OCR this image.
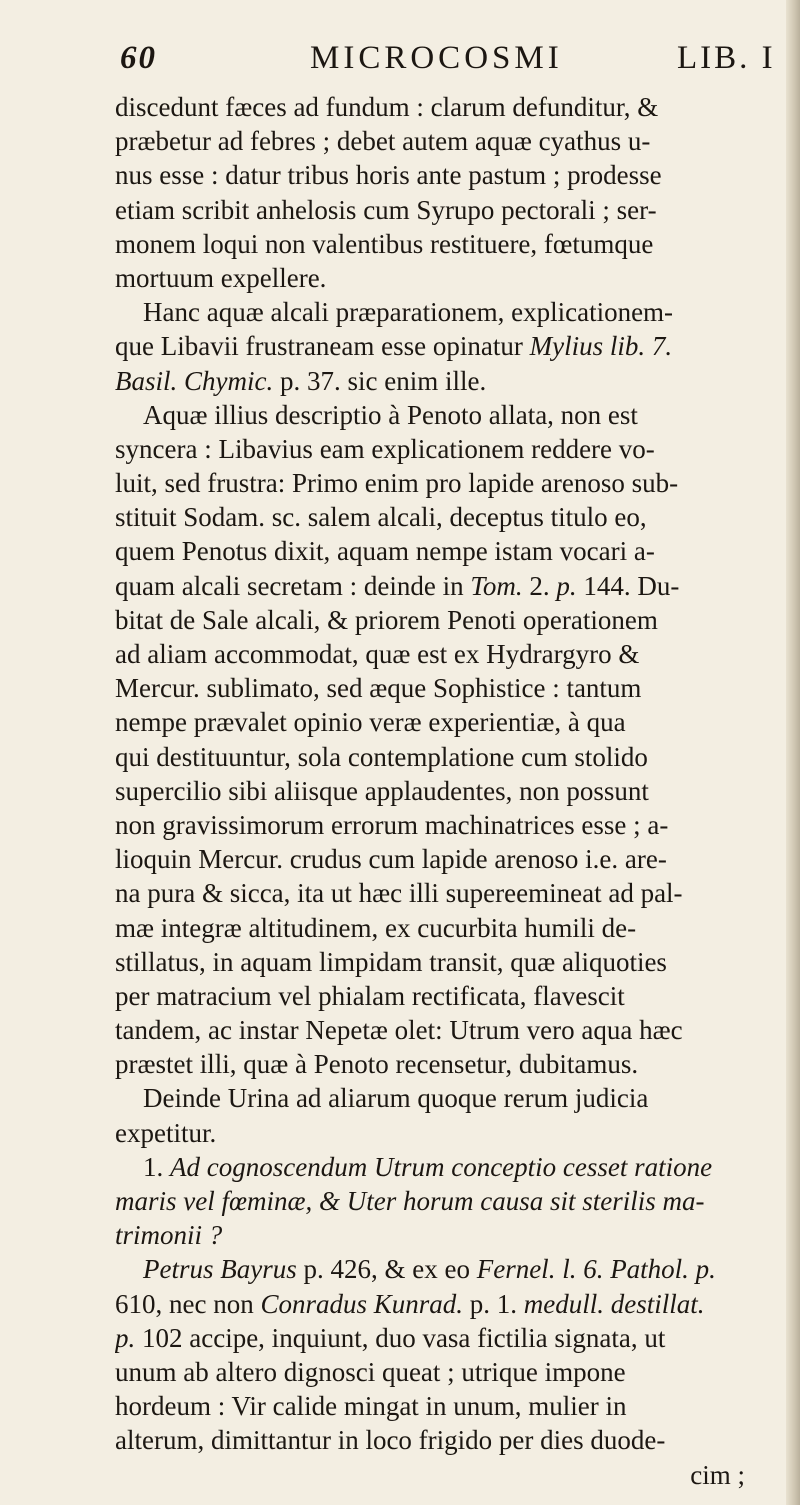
60	MICROCOSMI	LIB. I
discedunt fæces ad fundum : clarum defunditur, &
præbetur ad febres ; debet autem aquæ cyathus u-
nus esse : datur tribus horis ante pastum ; prodesse
etiam scribit anhelosis cum Syrupo pectorali ; ser-
monem loqui non valentibus restituere, fœtumque
mortuum expellere.
Hanc aquæ alcali præparationem, explicationem-
que Libavii frustraneam esse opinatur Mylius lib. 7.
Basil. Chymic. p. 37. sic enim ille.
Aquæ illius descriptio à Penoto allata, non est
syncera : Libavius eam explicationem reddere vo-
luit, sed frustra: Primo enim pro lapide arenoso sub-
stituit Sodam. sc. salem alcali, deceptus titulo eo,
quem Penotus dixit, aquam nempe istam vocari a-
quam alcali secretam : deinde in Tom. 2. p. 144. Du-
bitat de Sale alcali, & priorem Penoti operationem
ad aliam accommodat, quæ est ex Hydrargyro &
Mercur. sublimato, sed æque Sophistice : tantum
nempe prævalet opinio veræ experientiæ, à qua
qui destituuntur, sola contemplatione cum stolido
supercilio sibi aliisque applaudentes, non possunt
non gravissimorum errorum machinatrices esse ; a-
lioquin Mercur. crudus cum lapide arenoso i.e. are-
na pura & sicca, ita ut hæc illi supereemineat ad pal-
mæ integræ altitudinem, ex cucurbita humili de-
stillatus, in aquam limpidam transit, quæ aliquoties
per matracium vel phialam rectificata, flavescit
tandem, ac instar Nepetæ olet: Utrum vero aqua hæc
præstet illi, quæ à Penoto recensetur, dubitamus.
Deinde Urina ad aliarum quoque rerum judicia
expetitur.
1. Ad cognoscendum Utrum conceptio cesset ratione
maris vel fœminæ, & Uter horum causa sit sterilis ma-
trimonii ?
Petrus Bayrus p. 426, & ex eo Fernel. l. 6. Pathol. p.
610, nec non Conradus Kunrad. p. 1. medull. destillat.
p. 102 accipe, inquiunt, duo vasa fictilia signata, ut
unum ab altero dignosci queat ; utrique impone
hordeum : Vir calide mingat in unum, mulier in
alterum, dimittantur in loco frigido per dies duode-
cim ;
